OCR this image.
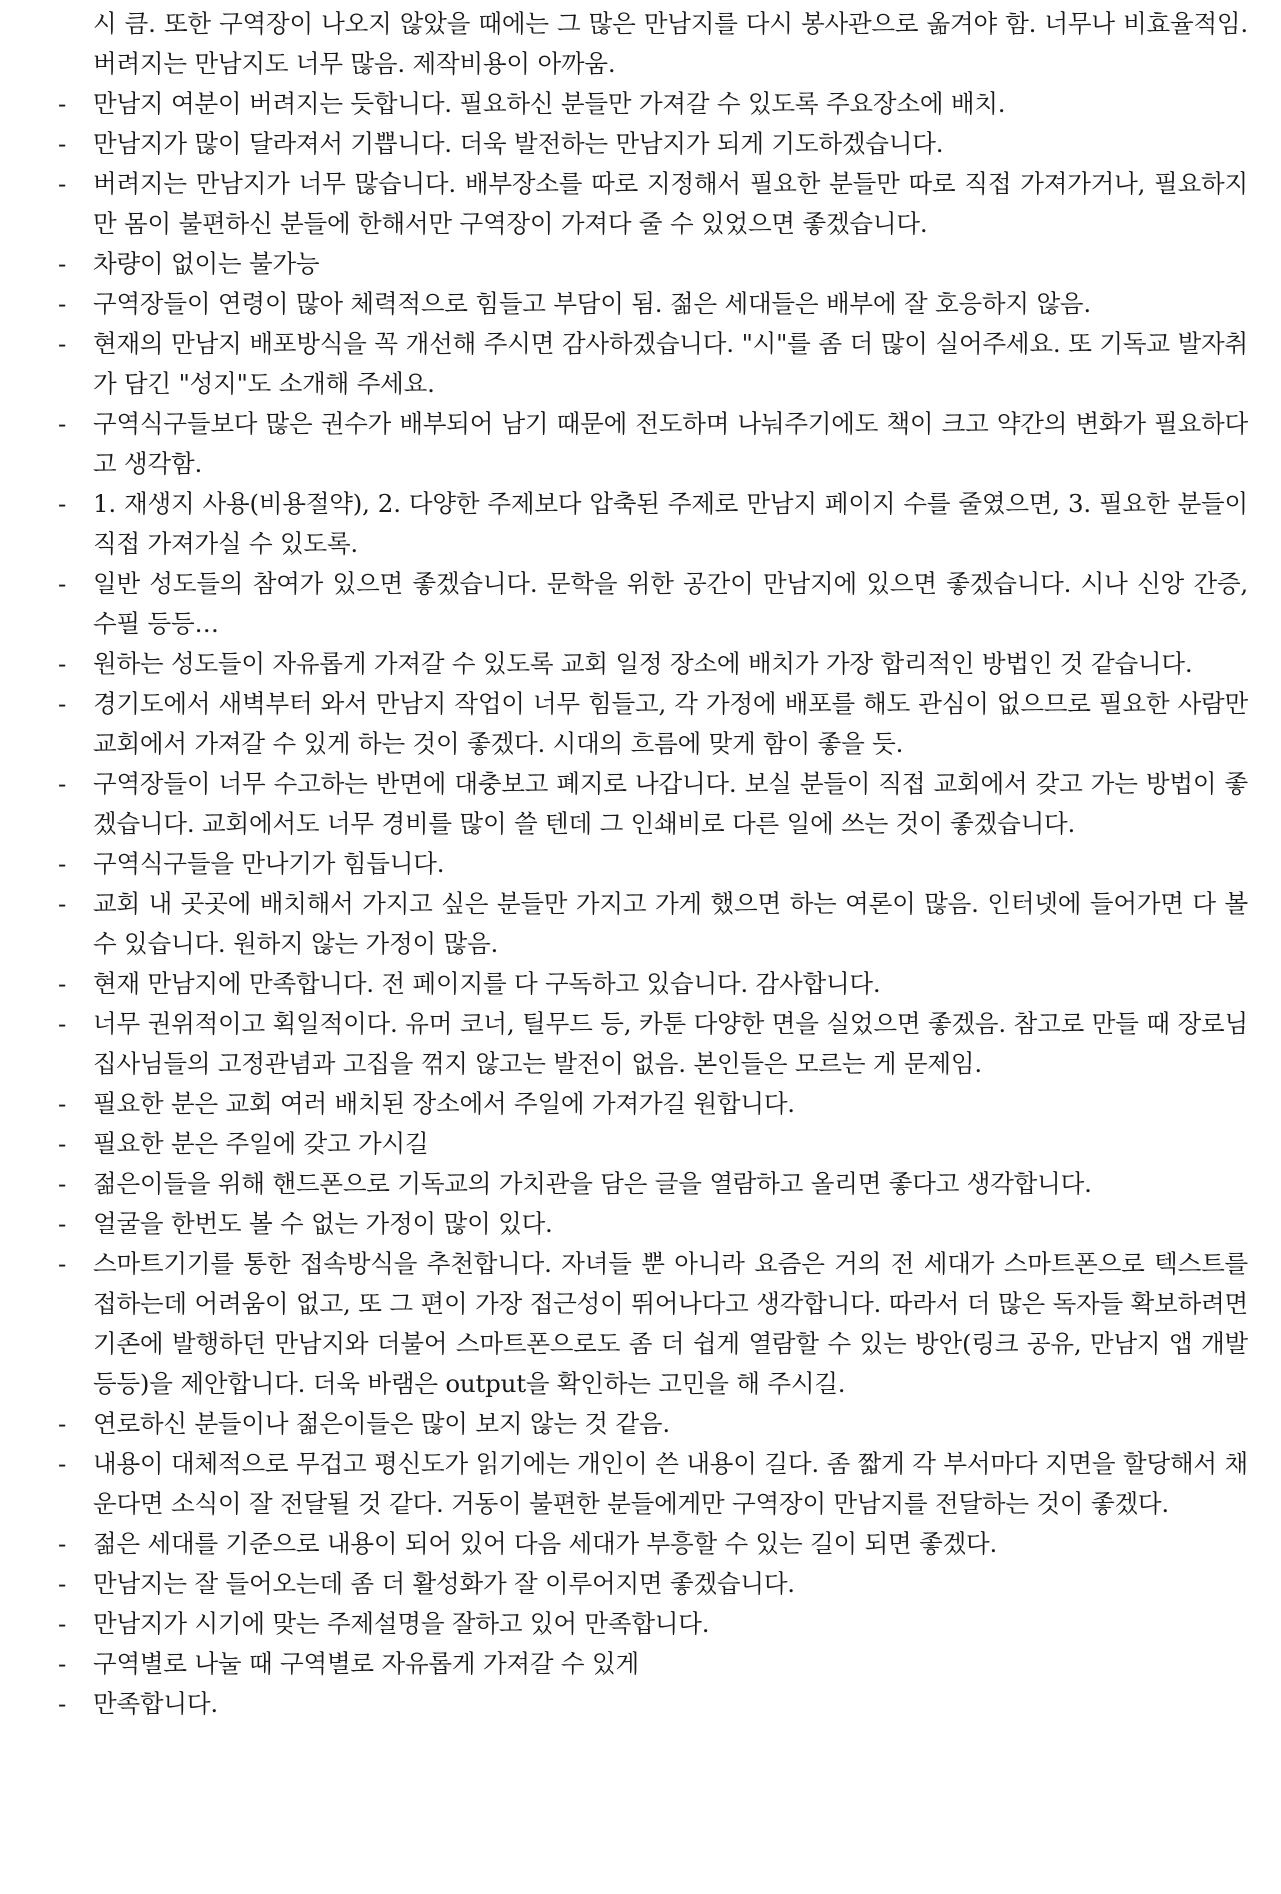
시 큼. 또한 구역장이 나오지 않았을 때에는 그 많은 만남지를 다시 봉사관으로 옮겨야 함. 너무나 비효율적임. 버려지는 만남지도 너무 많음. 제작비용이 아까움.

- 만남지 여분이 버려지는 듯합니다. 필요하신 분들만 가져갈 수 있도록 주요장소에 배치.
- 만남지가 많이 달라져서 기쁩니다. 더욱 발전하는 만남지가 되게 기도하겠습니다.
- 버려지는 만남지가 너무 많습니다. 배부장소를 따로 지정해서 필요한 분들만 따로 직접 가져가거나, 필요하지만 몸이 불편하신 분들에 한해서만 구역장이 가져다 줄 수 있었으면 좋겠습니다.
- 차량이 없이는 불가능
- 구역장들이 연령이 많아 체력적으로 힘들고 부담이 됨. 젊은 세대들은 배부에 잘 호응하지 않음.
- 현재의 만남지 배포방식을 꼭 개선해 주시면 감사하겠습니다. "시"를 좀 더 많이 실어주세요. 또 기독교 발자취가 담긴 "성지"도 소개해 주세요.
- 구역식구들보다 많은 권수가 배부되어 남기 때문에 전도하며 나눠주기에도 책이 크고 약간의 변화가 필요하다고 생각함.
- 1. 재생지 사용(비용절약), 2. 다양한 주제보다 압축된 주제로 만남지 페이지 수를 줄였으면, 3. 필요한 분들이 직접 가져가실 수 있도록.
- 일반 성도들의 참여가 있으면 좋겠습니다. 문학을 위한 공간이 만남지에 있으면 좋겠습니다. 시나 신앙 간증, 수필 등등…
- 원하는 성도들이 자유롭게 가져갈 수 있도록 교회 일정 장소에 배치가 가장 합리적인 방법인 것 같습니다.
- 경기도에서 새벽부터 와서 만남지 작업이 너무 힘들고, 각 가정에 배포를 해도 관심이 없으므로 필요한 사람만 교회에서 가져갈 수 있게 하는 것이 좋겠다. 시대의 흐름에 맞게 함이 좋을 듯.
- 구역장들이 너무 수고하는 반면에 대충보고 폐지로 나갑니다. 보실 분들이 직접 교회에서 갖고 가는 방법이 좋겠습니다. 교회에서도 너무 경비를 많이 쓸 텐데 그 인쇄비로 다른 일에 쓰는 것이 좋겠습니다.
- 구역식구들을 만나기가 힘듭니다.
- 교회 내 곳곳에 배치해서 가지고 싶은 분들만 가지고 가게 했으면 하는 여론이 많음. 인터넷에 들어가면 다 볼 수 있습니다. 원하지 않는 가정이 많음.
- 현재 만남지에 만족합니다. 전 페이지를 다 구독하고 있습니다. 감사합니다.
- 너무 권위적이고 획일적이다. 유머 코너, 틸무드 등, 카툰 다양한 면을 실었으면 좋겠음. 참고로 만들 때 장로님 집사님들의 고정관념과 고집을 꺾지 않고는 발전이 없음. 본인들은 모르는 게 문제임.
- 필요한 분은 교회 여러 배치된 장소에서 주일에 가져가길 원합니다.
- 필요한 분은 주일에 갖고 가시길
- 젊은이들을 위해 핸드폰으로 기독교의 가치관을 담은 글을 열람하고 올리면 좋다고 생각합니다.
- 얼굴을 한번도 볼 수 없는 가정이 많이 있다.
- 스마트기기를 통한 접속방식을 추천합니다. 자녀들 뿐 아니라 요즘은 거의 전 세대가 스마트폰으로 텍스트를 접하는데 어려움이 없고, 또 그 편이 가장 접근성이 뛰어나다고 생각합니다. 따라서 더 많은 독자들 확보하려면 기존에 발행하던 만남지와 더불어 스마트폰으로도 좀 더 쉽게 열람할 수 있는 방안(링크 공유, 만남지 앱 개발 등등)을 제안합니다. 더욱 바램은 output을 확인하는 고민을 해 주시길.
- 연로하신 분들이나 젊은이들은 많이 보지 않는 것 같음.
- 내용이 대체적으로 무겁고 평신도가 읽기에는 개인이 쓴 내용이 길다. 좀 짧게 각 부서마다 지면을 할당해서 채운다면 소식이 잘 전달될 것 같다. 거동이 불편한 분들에게만 구역장이 만남지를 전달하는 것이 좋겠다.
- 젊은 세대를 기준으로 내용이 되어 있어 다음 세대가 부흥할 수 있는 길이 되면 좋겠다.
- 만남지는 잘 들어오는데 좀 더 활성화가 잘 이루어지면 좋겠습니다.
- 만남지가 시기에 맞는 주제설명을 잘하고 있어 만족합니다.
- 구역별로 나눌 때 구역별로 자유롭게 가져갈 수 있게
- 만족합니다.
